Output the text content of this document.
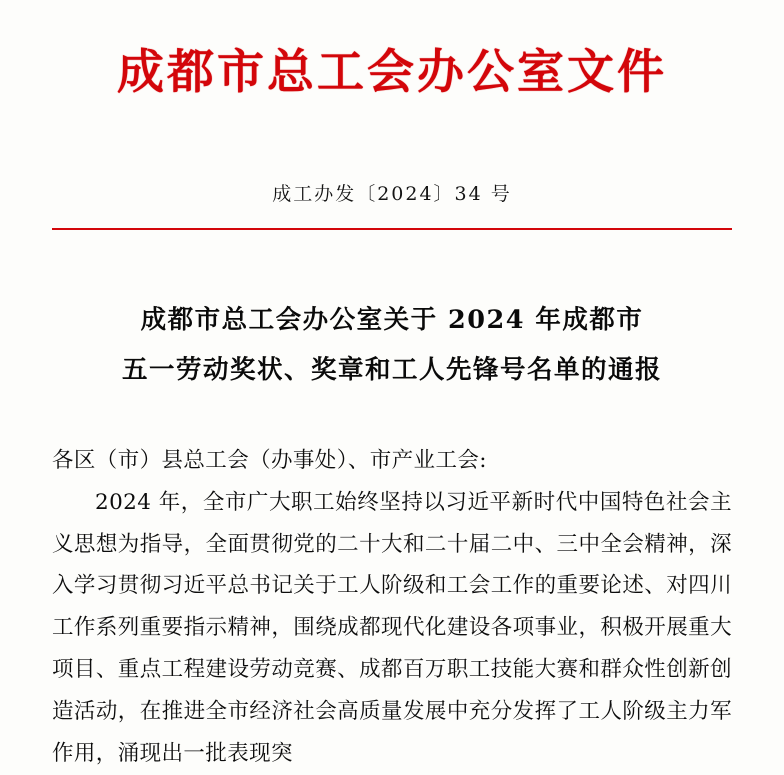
成都市总工会办公室文件
成工办发〔2024〕34 号
成都市总工会办公室关于 2024 年成都市
五一劳动奖状、奖章和工人先锋号名单的通报

各区（市）县总工会（办事处）、市产业工会:

2024 年，全市广大职工始终坚持以习近平新时代中国特色社会主义思想为指导，全面贯彻党的二十大和二十届二中、三中全会精神，深入学习贯彻习近平总书记关于工人阶级和工会工作的重要论述、对四川工作系列重要指示精神，围绕成都现代化建设各项事业，积极开展重大项目、重点工程建设劳动竞赛、成都百万职工技能大赛和群众性创新创造活动，在推进全市经济社会高质量发展中充分发挥了工人阶级主力军作用，涌现出一批表现突
